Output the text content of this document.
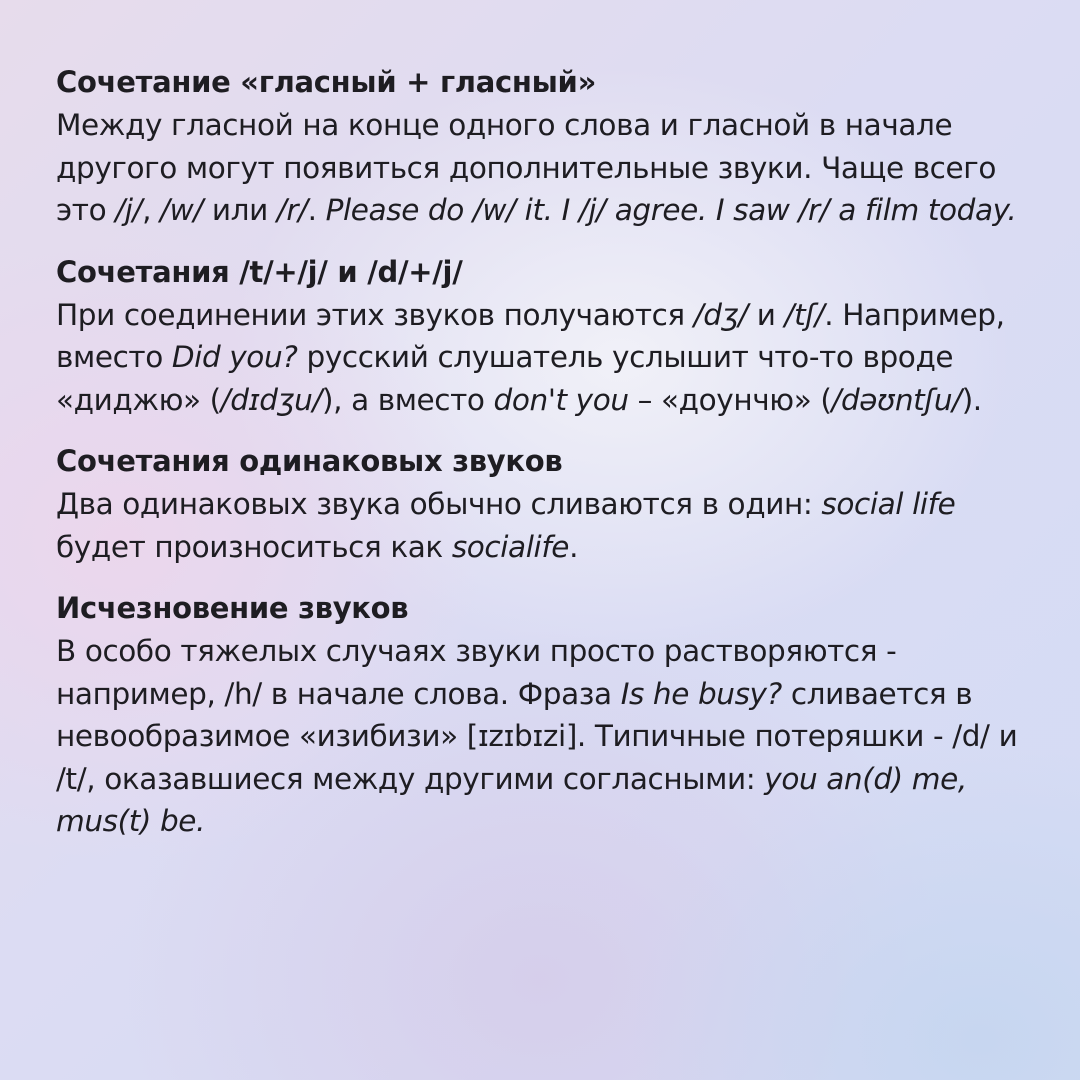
Сочетание «гласный + гласный»

Между гласной на конце одного слова и гласной в начале другого могут появиться дополнительные звуки. Чаще всего это /j/, /w/ или /r/. Please do /w/ it. I /j/ agree. I saw /r/ a film today.

Сочетания /t/+/j/ и /d/+/j/

При соединении этих звуков получаются /dʒ/ и /tʃ/. Например, вместо Did you? русский слушатель услышит что-то вроде «диджю» (/dɪdʒu/), а вместо don't you – «доунчю» (/dəʊntʃu/).

Сочетания одинаковых звуков

Два одинаковых звука обычно сливаются в один: social life будет произноситься как socialife.

Исчезновение звуков

В особо тяжелых случаях звуки просто растворяются - например, /h/ в начале слова. Фраза Is he busy? сливается в невообразимое «изибизи» [ɪzɪbɪzi]. Типичные потеряшки - /d/ и /t/, оказавшиеся между другими согласными: you an(d) me, mus(t) be.
